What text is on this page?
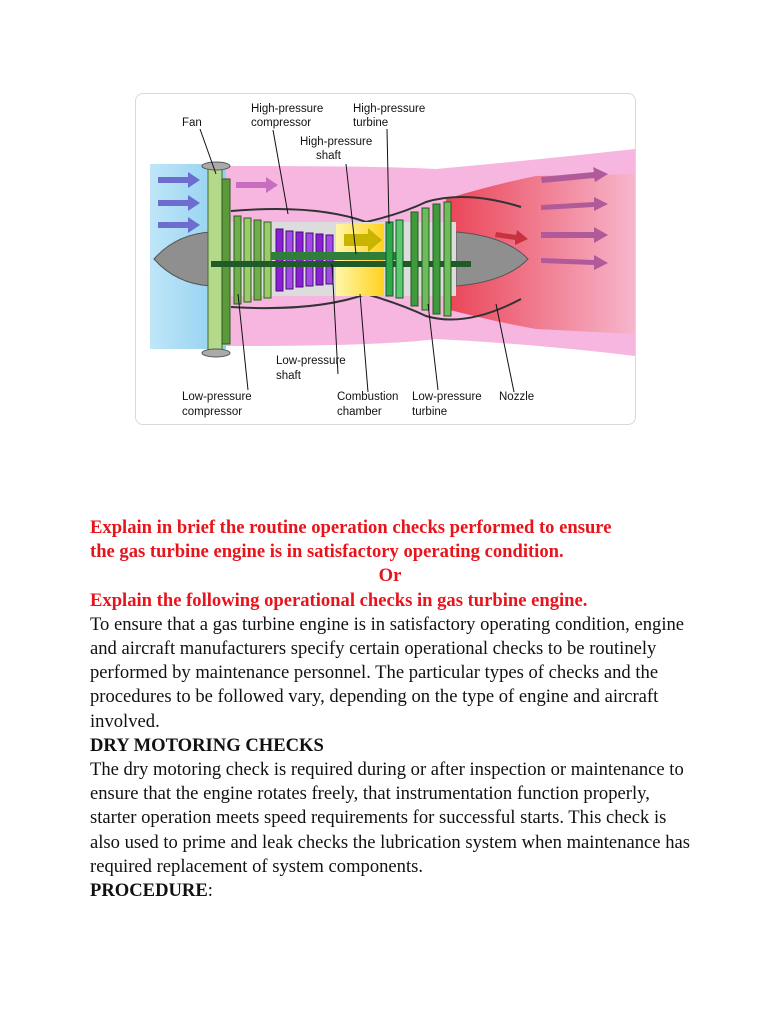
Fan
High-pressure
compressor
High-pressure
turbine
High-pressure
shaft
Low-pressure
shaft
Low-pressure
compressor
Combustion
chamber
Low-pressure
turbine
Nozzle

Explain in brief the routine operation checks performed to ensure

the gas turbine engine is in satisfactory operating condition.

Or

Explain the following operational checks in gas turbine engine.

To ensure that a gas turbine engine is in satisfactory operating condition, engine and aircraft manufacturers specify certain operational checks to be routinely performed by maintenance personnel. The particular types of checks and the procedures to be followed vary, depending on the type of engine and aircraft involved.

DRY MOTORING CHECKS

The dry motoring check is required during or after inspection or maintenance to ensure that the engine rotates freely, that instrumentation function properly, starter operation meets speed requirements for successful starts. This check is also used to prime and leak checks the lubrication system when maintenance has required replacement of system components.

PROCEDURE:
